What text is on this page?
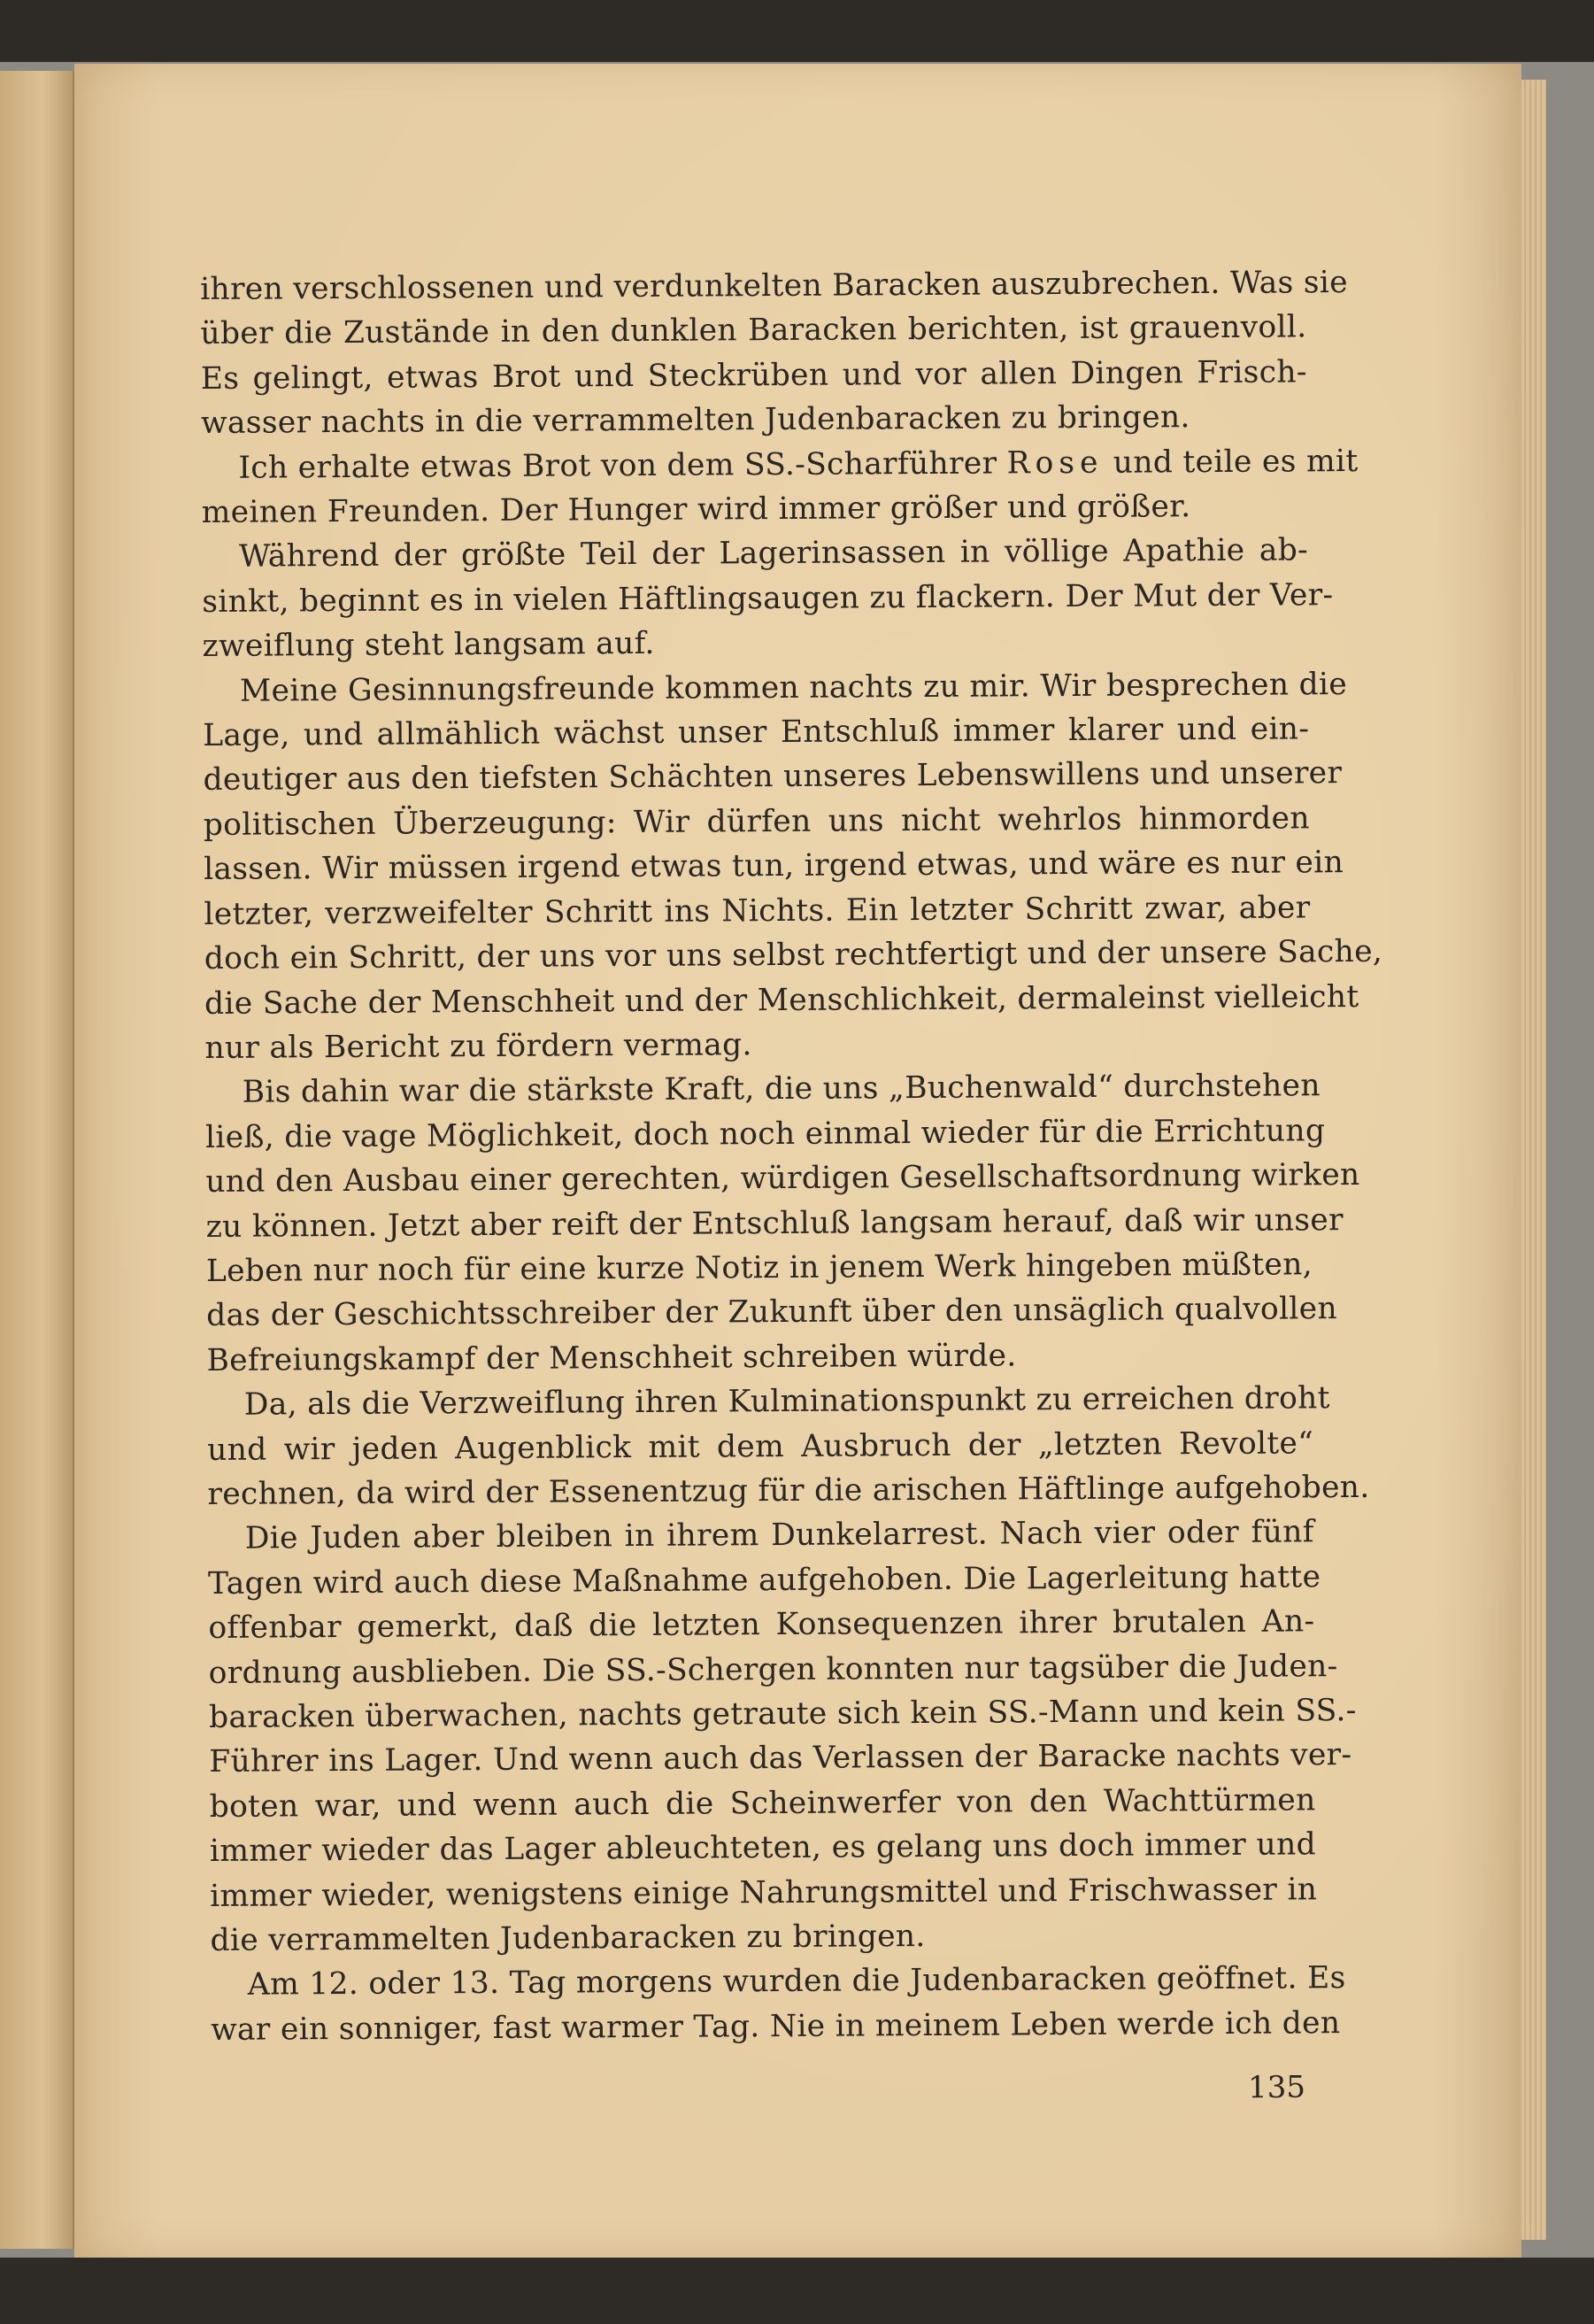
ihren verschlossenen und verdunkelten Baracken auszubrechen. Was sie
über die Zustände in den dunklen Baracken berichten, ist grauenvoll.
Es gelingt, etwas Brot und Steckrüben und vor allen Dingen Frisch-
wasser nachts in die verrammelten Judenbaracken zu bringen.
Ich erhalte etwas Brot von dem SS.-Scharführer Rose und teile es mit
meinen Freunden. Der Hunger wird immer größer und größer.
Während der größte Teil der Lagerinsassen in völlige Apathie ab-
sinkt, beginnt es in vielen Häftlingsaugen zu flackern. Der Mut der Ver-
zweiflung steht langsam auf.
Meine Gesinnungsfreunde kommen nachts zu mir. Wir besprechen die
Lage, und allmählich wächst unser Entschluß immer klarer und ein-
deutiger aus den tiefsten Schächten unseres Lebenswillens und unserer
politischen Überzeugung: Wir dürfen uns nicht wehrlos hinmorden
lassen. Wir müssen irgend etwas tun, irgend etwas, und wäre es nur ein
letzter, verzweifelter Schritt ins Nichts. Ein letzter Schritt zwar, aber
doch ein Schritt, der uns vor uns selbst rechtfertigt und der unsere Sache,
die Sache der Menschheit und der Menschlichkeit, dermaleinst vielleicht
nur als Bericht zu fördern vermag.
Bis dahin war die stärkste Kraft, die uns „Buchenwald“ durchstehen
ließ, die vage Möglichkeit, doch noch einmal wieder für die Errichtung
und den Ausbau einer gerechten, würdigen Gesellschaftsordnung wirken
zu können. Jetzt aber reift der Entschluß langsam herauf, daß wir unser
Leben nur noch für eine kurze Notiz in jenem Werk hingeben müßten,
das der Geschichtsschreiber der Zukunft über den unsäglich qualvollen
Befreiungskampf der Menschheit schreiben würde.
Da, als die Verzweiflung ihren Kulminationspunkt zu erreichen droht
und wir jeden Augenblick mit dem Ausbruch der „letzten Revolte“
rechnen, da wird der Essenentzug für die arischen Häftlinge aufgehoben.
Die Juden aber bleiben in ihrem Dunkelarrest. Nach vier oder fünf
Tagen wird auch diese Maßnahme aufgehoben. Die Lagerleitung hatte
offenbar gemerkt, daß die letzten Konsequenzen ihrer brutalen An-
ordnung ausblieben. Die SS.-Schergen konnten nur tagsüber die Juden-
baracken überwachen, nachts getraute sich kein SS.-Mann und kein SS.-
Führer ins Lager. Und wenn auch das Verlassen der Baracke nachts ver-
boten war, und wenn auch die Scheinwerfer von den Wachttürmen
immer wieder das Lager ableuchteten, es gelang uns doch immer und
immer wieder, wenigstens einige Nahrungsmittel und Frischwasser in
die verrammelten Judenbaracken zu bringen.
Am 12. oder 13. Tag morgens wurden die Judenbaracken geöffnet. Es
war ein sonniger, fast warmer Tag. Nie in meinem Leben werde ich den
135
